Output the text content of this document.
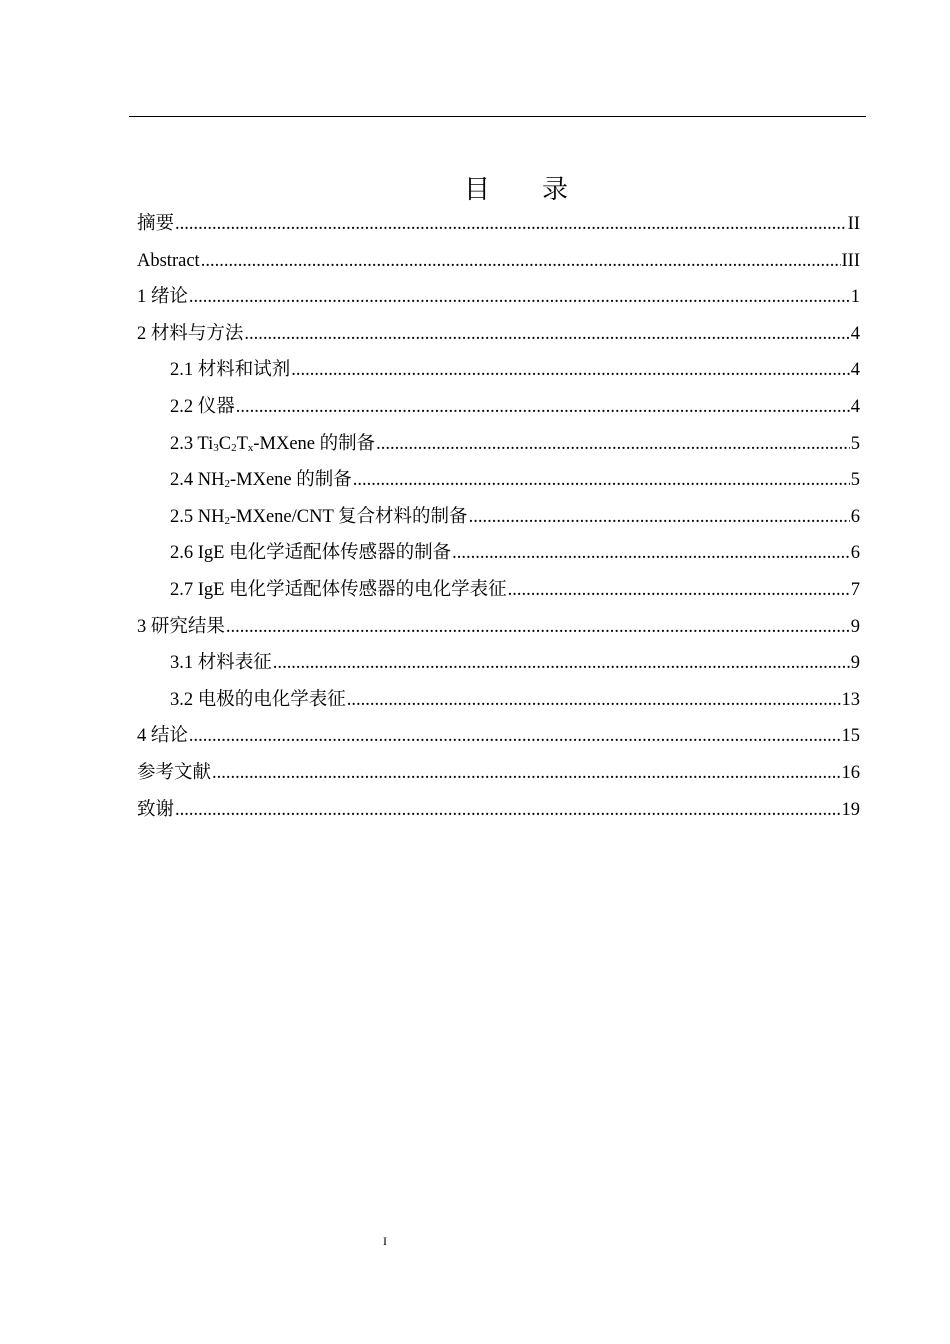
目 录
摘要 .....	II
Abstract .....	III
1 绪论 .....	1
2 材料与方法 .....	4
2.1 材料和试剂 .....	4
2.2 仪器 .....	4
2.3 $Ti_3C_2T_x$-MXene 的制备 .....	5
2.4 $NH_2$-MXene 的制备 .....	5
2.5 $NH_2-MXene$/CNT 复合材料的制备 .....	6
2.6 IgE 电化学适配体传感器的制备 .....	6
2.7 IgE 电化学适配体传感器的电化学表征 .....	7
3 研究结果 .....	9
3.1 材料表征 .....	9
3.2 电极的电化学表征 .....	13
4 结论 .....	15
参考文献 .....	16
致谢 .....	19
I
